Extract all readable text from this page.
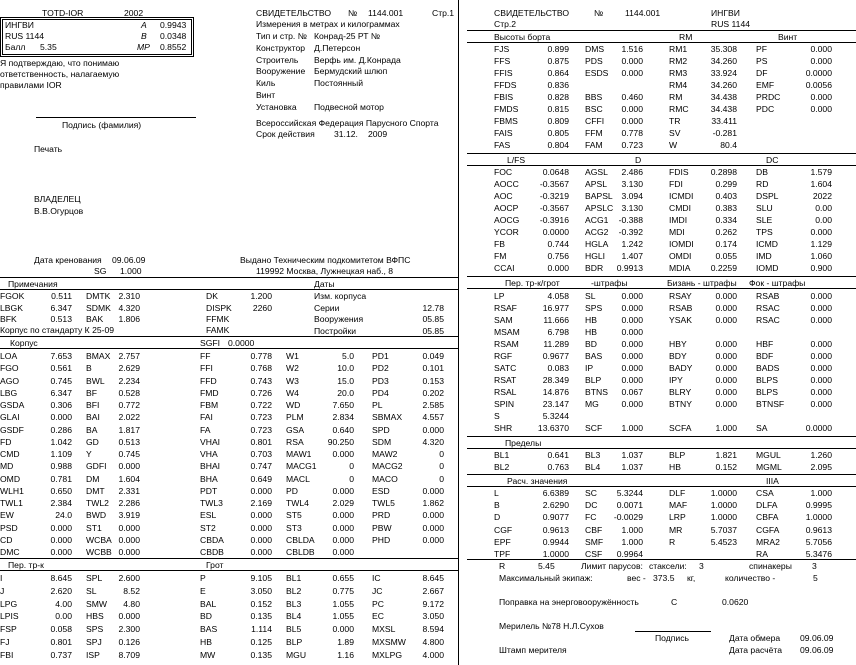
TOTD-IOR	2002
ИНГВИ	A 0.9943
RUS 1144	B 0.0348
Балл 5.35	MP 0.8552
Я подтверждаю, что понимаю
ответственность, налагаемую
правилами IOR
Подпись (фамилия)
Печать
ВЛАДЕЛЕЦ
В.В.Огурцов
СВИДЕТЕЛЬСТВО № 1144.001	Стр.1
Измерения в метрах и килограммах
Тип и стр. № Конрад-25 РТ №
Конструктор Д.Петерсон
Строитель Верфь им. Д.Конрада
Вооружение Бермудский шлюп
Киль	Постоянный
Винт
Установка Подвесной мотор
Всероссийская Федерация Парусного Спорта
Срок действия 31.12. 2009
Дата кренования 09.06.09
SG 1.000
Выдано Техническим подкомитетом ВФПС
119992 Москва, Лужнецкая наб., 8
Примечания	Даты
FGOK	0.511 DMTK 2.310	DK	1.200
LBGK	6.347 SDMK 4.320	DISPK 2260
BFK	0.513 BAK 1.806	FFMK
Корпус по стандарту К 25-09	FAMK
Изм. корпуса
Серии	12.78
Вооружения	05.85
Постройки	05.85
Корпус	SGFI 0.0000
LOA	7.653 BMAX 2.757	FF	0.778 W1	5.0 PD1	0.049
FGO	0.561 B	2.629	FFI	0.768 W2	10.0 PD2	0.101
AGO	0.745 BWL 2.234	FFD	0.743 W3	15.0 PD3	0.153
LBG	6.347 BF	0.528	FMD	0.726 W4	20.0 PD4	0.202
GSDA	0.306 BFI 0.772	FBM	0.722 WD	7.650 PL	2.585
GLAI	0.000 BAI 2.022	FAI	0.723 PLM	2.834 SBMAX 4.557
GSDF	0.286 BA 1.817	FA	0.723 GSA	0.640 SPD	0.000
FD	1.042 GD 0.513	VHAI	0.801 RSA	90.250 SDM	4.320
CMD	1.109 Y	0.745	VHA	0.703 MAW1 0.000 MAW2	0
MD	0.988 GDFI 0.000	BHAI	0.747 MACG1	0 MACG2	0
OMD	0.781 DM 1.604	BHA	0.649 MACL	0 MACO	0
WLH1	0.650 DMT 2.331	PDT	0.000 PD	0.000 ESD	0.000
TWL1	2.384 TWL2 2.286	TWL3	2.169 TWL4	2.029 TWL5	1.862
EW	24.0 BWD 3.919	ESL	0.000 ST5	0.000 PRD	0.000
PSD	0.000 ST1 0.000	ST2	0.000 ST3	0.000 PBW	0.000
CD	0.000 WCBA 0.000	CBDA	0.000 CBLDA 0.000 PHD	0.000
DMC	0.000 WCBB 0.000	CBDB	0.000 CBLDB 0.000
Пер. тр-к	Грот
I	8.645 SPL 2.600	P	9.105 BL1	0.655 IC	8.645
J	2.620 SL	8.52	E	3.050 BL2	0.775 JC	2.667
LPG	4.00 SMW 4.80	BAL	0.152 BL3	1.055 PC	9.172
LPIS	0.00 HBS 0.000	BD	0.135 BL4	1.055 EC	3.050
FSP	0.058 SPS 2.300	BAS	1.114 BL5	0.000 MXSL	8.594
FJ	0.801 SPJ 0.126	HB	0.125 BLP	1.89 MXSMW 4.800
FBI	0.737 ISP 8.709	MW	0.135 MGU	1.16 MXLPG 4.000
СВИДЕТЕЛЬСТВО	№	1144.001	ИНГВИ
Стр.2	RUS 1144
Высоты борта	RM	Винт
FJS	0.899 DMS 1.516	RM1	35.308 PF	0.000
FFS	0.875 PDS 0.000	RM2	34.260 PS	0.000
FFIS	0.864 ESDS 0.000	RM3	33.924 DF	0.0000
FFDS	0.836	RM4	34.260 EMF	0.0056
FBIS	0.828 BBS 0.460	RM	34.438 PRDC	0.000
FMDS	0.815 BSC 0.000	RMC	34.438 PDC	0.000
FBMS	0.809 CFFI 0.000	TR	33.411
FAIS	0.805 FFM 0.778	SV	-0.281
FAS	0.804 FAM 0.723	W	80.4
L/FS	D	DC
FOC	0.0648 AGSL 2.486	FDIS	0.2898 DB	1.579
AOCC -0.3567 APSL 3.130	FDI	0.299 RD	1.604
AOC	-0.3219 BAPSL 3.094	ICMDI	0.403 DSPL	2022
AOCP -0.3567 APSLC 3.130	CMDI	0.383 SLU	0.00
AOCG -0.3916 ACG1 -0.388	IMDI	0.334 SLE	0.00
YCOR	0.0000 ACG2 -0.392	MDI	0.262 TPS	0.000
FB	0.744 HGLA 1.242	IOMDI	0.174 ICMD	1.129
FM	0.756 HGLI 1.407	OMDI	0.055 IMD	1.060
CCAI	0.000 BDR 0.9913	MDIA 0.2259 IOMD	0.900
Пер. тр-к/грот	-штрафы	Бизань - штрафы Фок - штрафы
LP	4.058 SL	0.000	RSAY	0.000 RSAB	0.000
RSAF	16.977 SPS 0.000	RSAB	0.000 RSAC	0.000
SAM	11.666 HB	0.000	YSAK	0.000 RSAC	0.000
MSAM	6.798 HB	0.000
RSAM	11.289 BD	0.000	HBY	0.000 HBF	0.000
RGF	0.9677 BAS 0.000	BDY	0.000 BDF	0.000
SATC	0.083 IP	0.000	BADY	0.000 BADS	0.000
RSAT	28.349 BLP 0.000	IPY	0.000 BLPS	0.000
RSAL	14.876 BTNS 0.067	BLRY	0.000 BLPS	0.000
SPIN	23.147 MG	0.000	BTNY	0.000 BTNSF	0.000
S	5.3244
SHR	13.6370 SCF 1.000	SCFA	1.000 SA	0.0000
Пределы
BL1	0.641 BL3 1.037	BLP	1.821 MGUL	1.260
BL2	0.763 BL4 1.037	HB	0.152 MGML	2.095
Расч. значения	IIIA
L	6.6389 SC 5.3244	DLF	1.0000 CSA	1.000
B	2.6290 DC 0.0071	MAF	1.0000 DLFA	0.9995
D	0.9077 FC -0.0029	LRP	1.0000 CBFA	1.0000
CGF	0.9613 CBF 1.000	MR	5.7037 CGFA	0.9613
EPF	0.9944 SMF 1.000	R	5.4523 MRA2	5.7056
TPF	1.0000 CSF 0.9964	RA	5.3476
R	5.45	Лимит парусов: стаксели: 3	спинакеры 3
Максимальный экипаж:	вес - 373.5 кг,	количество -	5
Поправка на энерговооружённость	C	0.0620
Мерилель №78 Н.Л.Сухов
Подпись	Дата обмера 09.06.09
Штамп мерителя	Дата расчёта 09.06.09
